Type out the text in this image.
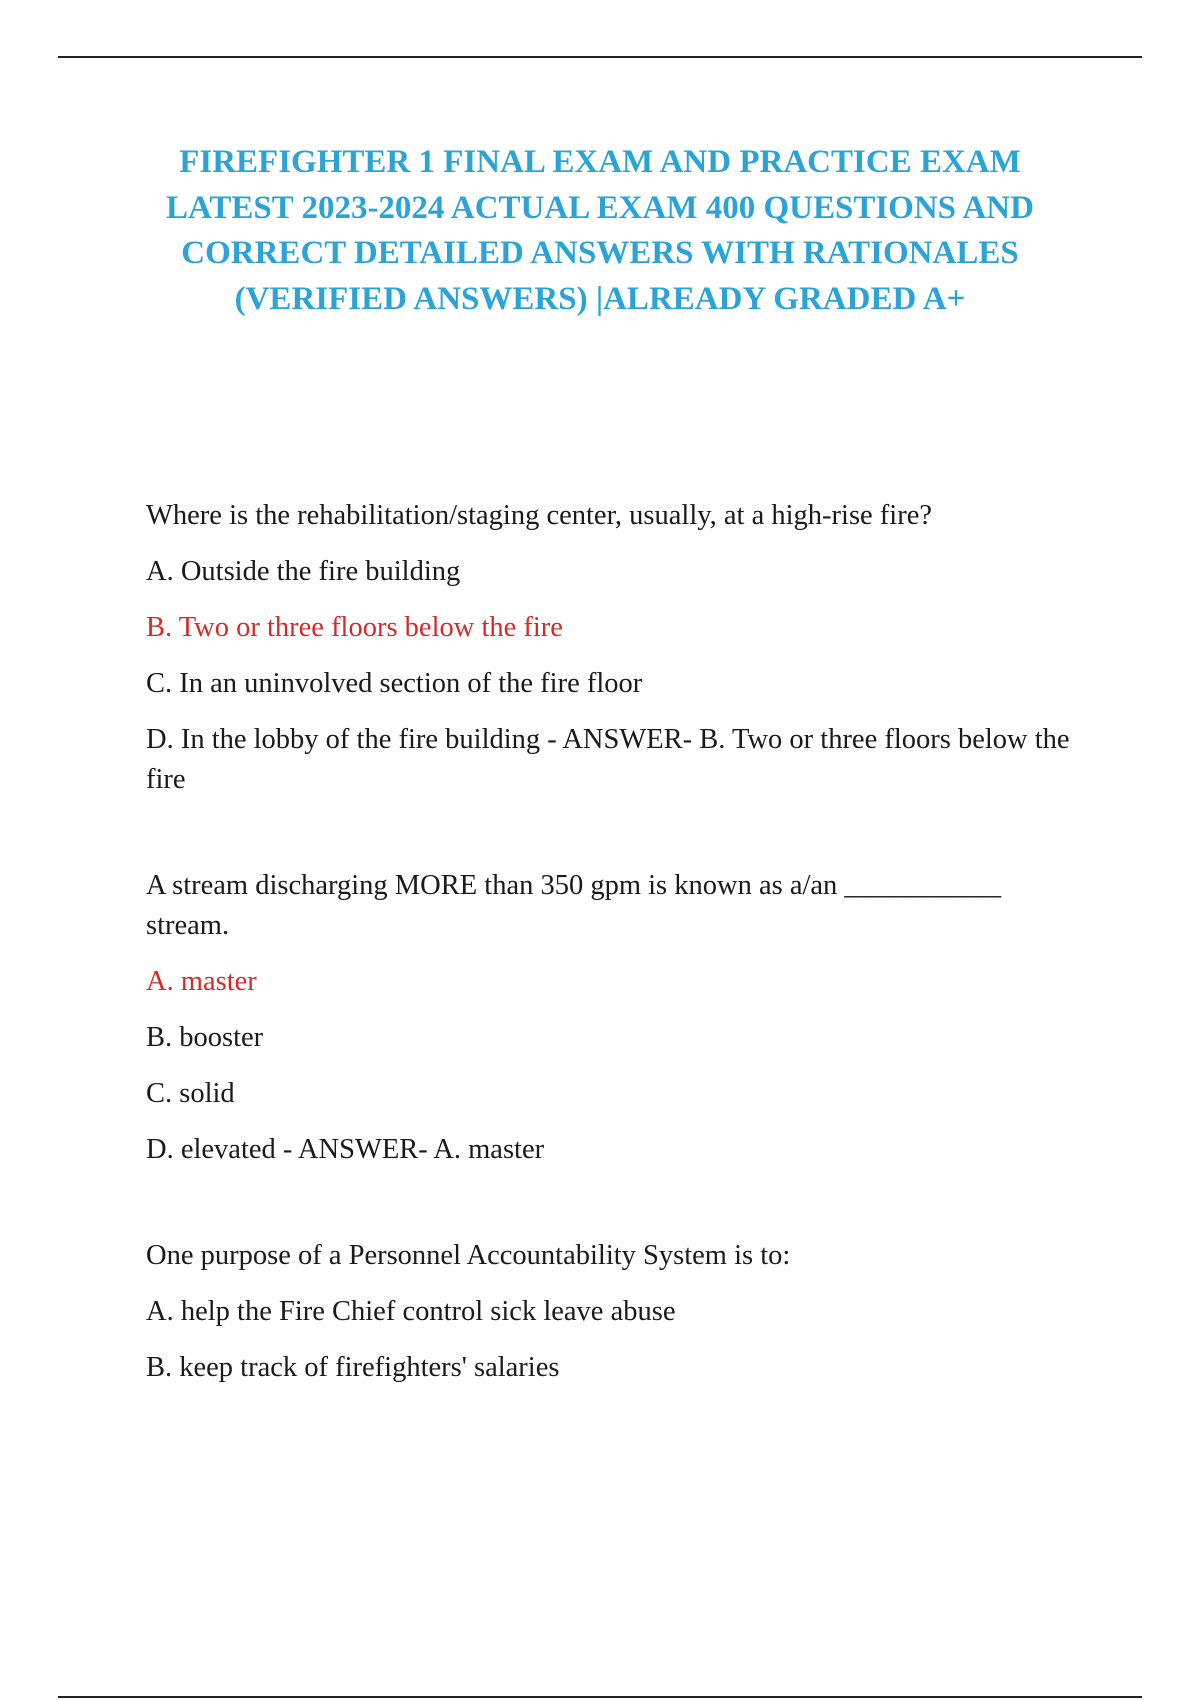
FIREFIGHTER 1 FINAL EXAM AND PRACTICE EXAM LATEST 2023-2024 ACTUAL EXAM 400 QUESTIONS AND CORRECT DETAILED ANSWERS WITH RATIONALES (VERIFIED ANSWERS) |ALREADY GRADED A+

Where is the rehabilitation/staging center, usually, at a high-rise fire?

A. Outside the fire building

B. Two or three floors below the fire

C. In an uninvolved section of the fire floor

D. In the lobby of the fire building - ANSWER- B. Two or three floors below the fire

A stream discharging MORE than 350 gpm is known as a/an ___________ stream.

A. master

B. booster

C. solid

D. elevated - ANSWER- A. master

One purpose of a Personnel Accountability System is to:

A. help the Fire Chief control sick leave abuse

B. keep track of firefighters' salaries
